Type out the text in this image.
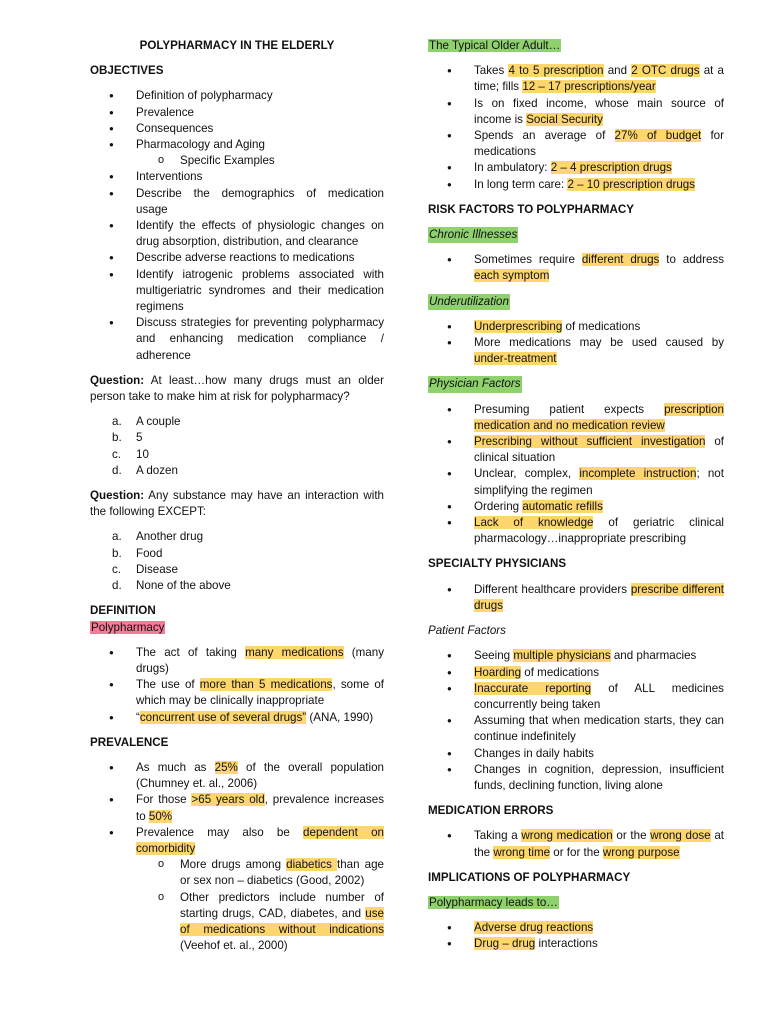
POLYPHARMACY IN THE ELDERLY
OBJECTIVES
● Definition of polypharmacy
● Prevalence
● Consequences
● Pharmacology and Aging
o Specific Examples
● Interventions
● Describe the demographics of medication usage
● Identify the effects of physiologic changes on drug absorption, distribution, and clearance
● Describe adverse reactions to medications
● Identify iatrogenic problems associated with multigeriatric syndromes and their medication regimens
● Discuss strategies for preventing polypharmacy and enhancing medication compliance / adherence

Question: At least…how many drugs must an older person take to make him at risk for polypharmacy?

a. A couple
b. 5
c. 10
d. A dozen

Question: Any substance may have an interaction with the following EXCEPT:

a. Another drug
b. Food
c. Disease
d. None of the above
DEFINITION
Polypharmacy
● The act of taking many medications (many drugs)
● The use of more than 5 medications, some of which may be clinically inappropriate
● “concurrent use of several drugs” (ANA, 1990)
PREVALENCE
● As much as 25% of the overall population (Chumney et. al., 2006)
● For those >65 years old, prevalence increases to 50%
● Prevalence may also be dependent on comorbidity
o More drugs among diabetics than age or sex non – diabetics (Good, 2002)
o Other predictors include number of starting drugs, CAD, diabetes, and use of medications without indications (Veehof et. al., 2000)
The Typical Older Adult…
● Takes 4 to 5 prescription and 2 OTC drugs at a time; fills 12 – 17 prescriptions/year
● Is on fixed income, whose main source of income is Social Security
● Spends an average of 27% of budget for medications
● In ambulatory: 2 – 4 prescription drugs
● In long term care: 2 – 10 prescription drugs
RISK FACTORS TO POLYPHARMACY
Chronic Illnesses
● Sometimes require different drugs to address each symptom
Underutilization
● Underprescribing of medications
● More medications may be used caused by under-treatment
Physician Factors
● Presuming patient expects prescription medication and no medication review
● Prescribing without sufficient investigation of clinical situation
● Unclear, complex, incomplete instruction; not simplifying the regimen
● Ordering automatic refills
● Lack of knowledge of geriatric clinical pharmacology…inappropriate prescribing
SPECIALTY PHYSICIANS
● Different healthcare providers prescribe different drugs
Patient Factors
● Seeing multiple physicians and pharmacies
● Hoarding of medications
● Inaccurate reporting of ALL medicines concurrently being taken
● Assuming that when medication starts, they can continue indefinitely
● Changes in daily habits
● Changes in cognition, depression, insufficient funds, declining function, living alone
MEDICATION ERRORS
● Taking a wrong medication or the wrong dose at the wrong time or for the wrong purpose
IMPLICATIONS OF POLYPHARMACY
Polypharmacy leads to…
● Adverse drug reactions
● Drug – drug interactions
